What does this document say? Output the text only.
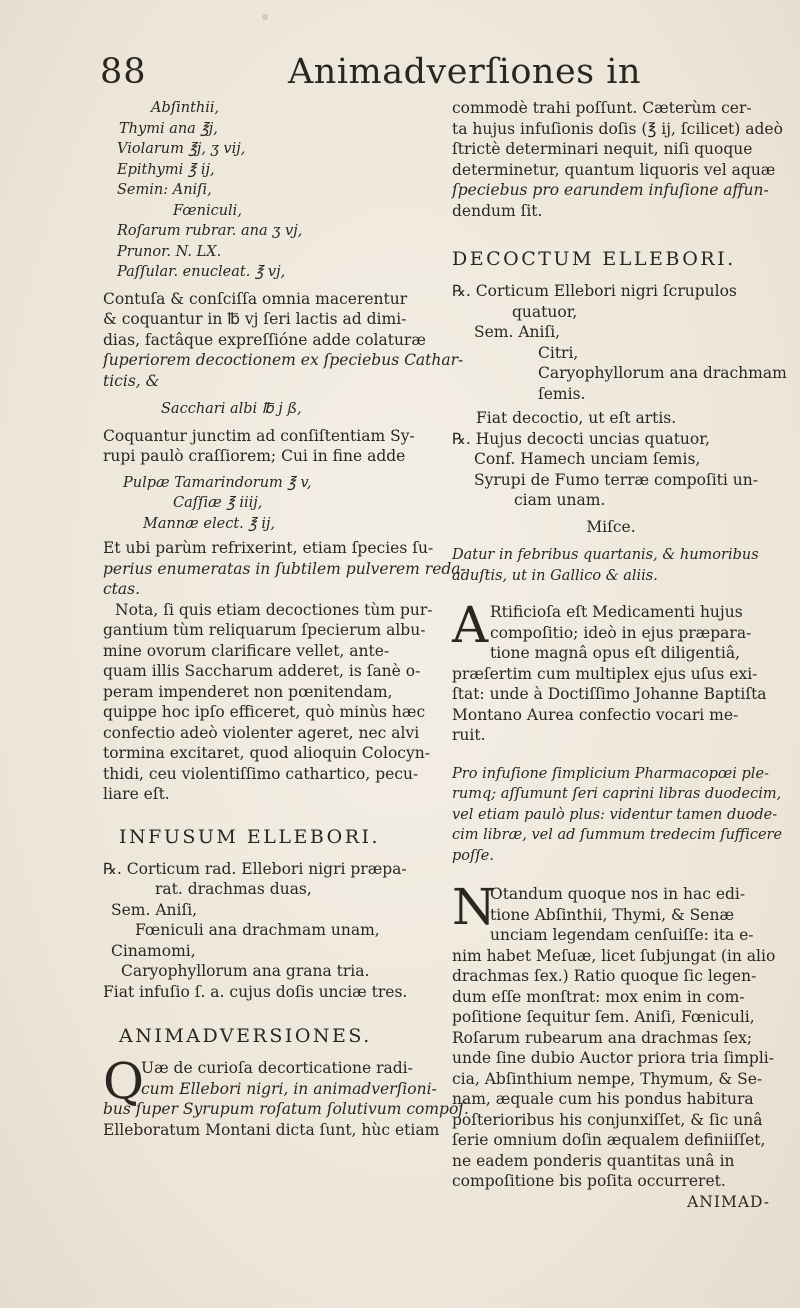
88	Animadverſiones in
Abſinthii,
Thymi ana ℥j,
Violarum ℥j, ʒ vij,
Epithymi ℥ ij,
Semin: Aniſi,
Fœniculi,
Roſarum rubrar. ana ʒ vj,
Prunor. N. LX.
Paſſular. enucleat. ℥ vj,
Contuſa & conſciſſa omnia macerentur
& coquantur in ℔ vj ſeri lactis ad dimi-
dias, factâque expreſſióne adde colaturæ
ſuperiorem decoctionem ex ſpeciebus Cathar-
ticis, &
Sacchari albi ℔ j ß,
Coquantur junctim ad conſiſtentiam Sy-
rupi paulò craſſiorem; Cui in fine adde
Pulpæ Tamarindorum ℥ v,
Caſſiæ ℥ iiij,
Mannæ elect. ℥ ij,
Et ubi parùm refrixerint, etiam ſpecies ſu-
perius enumeratas in ſubtilem pulverem reda-
ctas.
Nota, ſi quis etiam decoctiones tùm pur-
gantium tùm reliquarum ſpecierum albu-
mine ovorum clarificare vellet, ante-
quam illis Saccharum adderet, is ſanè o-
peram impenderet non pœnitendam,
quippe hoc ipſo efficeret, quò minùs hæc
confectio adeò violenter ageret, nec alvi
tormina excitaret, quod alioquin Colocyn-
thidi, ceu violentiſſimo cathartico, pecu-
liare eſt.
INFUSUM ELLEBORI.
℞. Corticum rad. Ellebori nigri præpa-
rat. drachmas duas,
Sem. Aniſi,
Fœniculi ana drachmam unam,
Cinamomi,
Caryophyllorum ana grana tria.
Fiat infuſio ſ. a. cujus doſis unciæ tres.
ANIMADVERSIONES.
Q
Uæ de curioſa decorticatione radi-
cum Ellebori nigri, in animadverſioni-
bus ſuper Syrupum roſatum ſolutivum compoſ.
Elleboratum Montani dicta ſunt, hùc etiam
commodè trahi poſſunt. Cæterùm cer-
ta hujus infuſionis doſis (℥ ij, ſcilicet) adeò
ſtrictè determinari nequit, niſi quoque
determinetur, quantum liquoris vel aquæ
ſpeciebus pro earundem infuſione affun-
dendum ſit.
DECOCTUM ELLEBORI.
℞. Corticum Ellebori nigri ſcrupulos
quatuor,
Sem. Aniſi,
Citri,
Caryophyllorum ana drachmam
ſemis.
Fiat decoctio, ut eſt artis.
℞. Hujus decocti uncias quatuor,
Conf. Hamech unciam ſemis,
Syrupi de Fumo terræ compoſiti un-
ciam unam.
Miſce.
Datur in febribus quartanis, & humoribus
aduſtis, ut in Gallico & aliis.
A Rtificioſa eſt Medicamenti hujus
compoſitio; ideò in ejus præpara-
tione magnâ opus eſt diligentiâ,
præſertim cum multiplex ejus uſus exi-
ſtat: unde à Doctiſſimo Johanne Baptiſta
Montano Aurea confectio vocari me-
ruit.
Pro infuſione ſimplicium Pharmacopœi ple-
rumq; aſſumunt ſeri caprini libras duodecim,
vel etiam paulò plus: videntur tamen duode-
cim libræ, vel ad ſummum tredecim ſufficere
poſſe.
N
Otandum quoque nos in hac edi-
tione Abſinthii, Thymi, & Senæ
unciam legendam cenſuiſſe: ita e-
nim habet Meſuæ, licet ſubjungat (in alio
drachmas ſex.) Ratio quoque ſic legen-
dum eſſe monſtrat: mox enim in com-
poſitione ſequitur ſem. Aniſi, Fœniculi,
Roſarum rubearum ana drachmas ſex;
unde ſine dubio Auctor priora tria ſimpli-
cia, Abſinthium nempe, Thymum, & Se-
nam, æquale cum his pondus habitura
poſterioribus his conjunxiſſet, & ſic unâ
ſerie omnium doſin æqualem definiiſſet,
ne eadem ponderis quantitas unâ in
compoſitione bis poſita occurreret.
ANIMAD-
